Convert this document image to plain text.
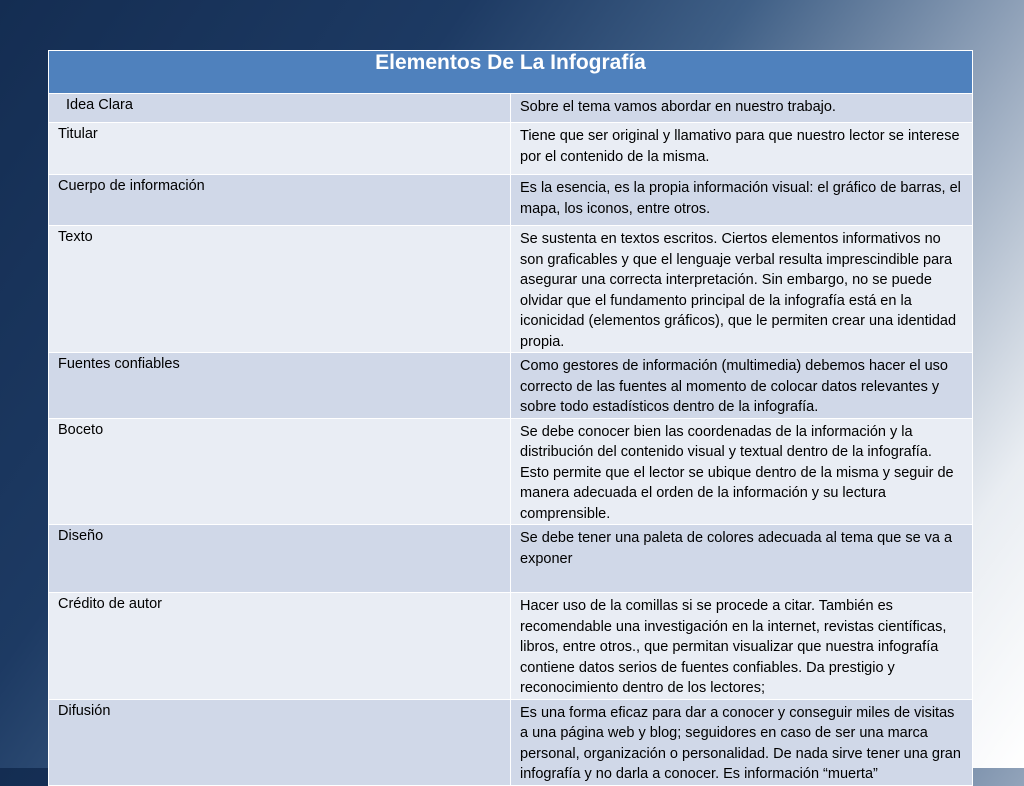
Elementos De La Infografía	
Idea Clara	Sobre el tema vamos abordar en nuestro trabajo.
Titular	Tiene que ser original y llamativo para que nuestro lector se interese por el contenido de la misma.
Cuerpo de información	Es la esencia, es la propia información visual: el gráfico de barras, el mapa, los iconos, entre otros.
Texto	Se sustenta en textos escritos. Ciertos elementos informativos no son graficables y que el lenguaje verbal resulta imprescindible para asegurar una correcta interpretación. Sin embargo, no se puede olvidar que el fundamento principal de la infografía está en la iconicidad (elementos gráficos), que le permiten crear una identidad propia.
Fuentes confiables	Como gestores de información (multimedia) debemos hacer el uso correcto de las fuentes al momento de colocar datos relevantes y sobre todo estadísticos dentro de la infografía.
Boceto	Se debe conocer bien las coordenadas de la información y la distribución del contenido visual y textual dentro de la infografía. Esto permite que el lector se ubique dentro de la misma y seguir de manera adecuada el orden de la información y su lectura comprensible.
Diseño	Se debe tener una paleta de colores adecuada al tema que se va a exponer
Crédito de autor	Hacer uso de la comillas si se procede a citar. También es recomendable una investigación en la internet, revistas científicas, libros, entre otros., que permitan visualizar que nuestra infografía contiene datos serios de fuentes confiables. Da prestigio y reconocimiento dentro de los lectores;
Difusión	Es una forma eficaz para dar a conocer y conseguir miles de visitas a una página web y blog; seguidores en caso de ser una marca personal, organización o personalidad. De nada sirve tener una gran infografía y no darla a conocer. Es información “muerta”
